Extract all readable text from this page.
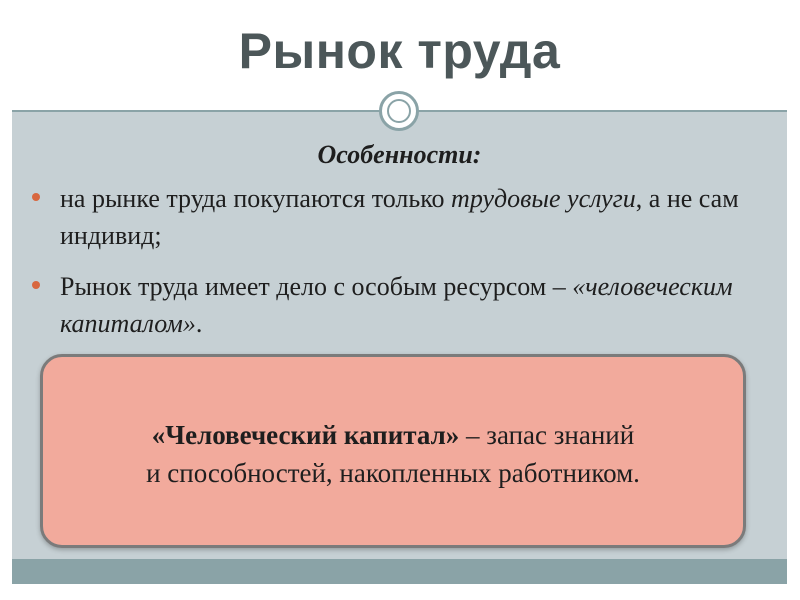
Рынок труда
Особенности:
на рынке труда покупаются только трудовые услуги, а не сам индивид;
Рынок труда имеет дело с особым ресурсом – «человеческим капиталом».
«Человеческий капитал» – запас знаний
и способностей, накопленных работником.
